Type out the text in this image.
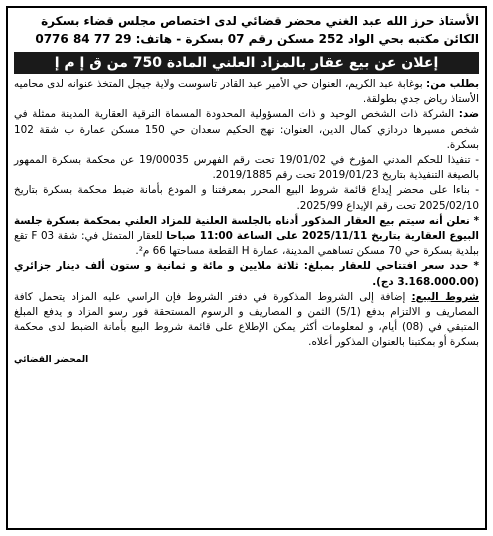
الأستاذ حرز الله عبد الغني محضر قضائي لدى اختصاص مجلس قضاء بسكرة
الكائن مكتبه بحي الواد 252 مسكن رقم 07 بسكرة - هاتف: 29 77 84 0776
إعلان عن بيع عقار بالمزاد العلني المادة 750 من ق إ م إ

بطلب من: بوغابة عبد الكريم، العنوان حي الأمير عبد القادر تاسوست ولاية جيجل المتخذ عنوانه لدى محاميه الأستاذ رياض جدي بطولقة.

ضد: الشركة ذات الشخص الوحيد و ذات المسؤولية المحدودة المسماة الترقية العقارية المدينة ممثلة في شخص مسيرها دردازي كمال الدين، العنوان: نهج الحكيم سعدان حي 150 مسكن عمارة ب شقة 102 بسكرة.

- تنفيذا للحكم المدني المؤرخ في 19/01/02 تحت رقم الفهرس 19/00035 عن محكمة بسكرة الممهور بالصيغة التنفيذية بتاريخ 2019/01/23 تحت رقم 2019/1885.

- بناءا على محضر إيداع قائمة شروط البيع المحرر بمعرفتنا و المودع بأمانة ضبط محكمة بسكرة بتاريخ 2025/02/10 تحت رقم الإيداع 2025/99.

* نعلن أنه سيتم بيع العقار المذكور أدناه بالجلسة العلنية للمزاد العلني بمحكمة بسكرة جلسة البيوع العقارية بتاريخ 2025/11/11 على الساعة 11:00 صباحا للعقار المتمثل في: شقة 03 F تقع ببلدية بسكرة حي 70 مسكن تساهمي المدينة، عمارة H القطعة مساحتها 66 م².

* حدد سعر افتتاحي للعقار بمبلغ: ثلاثة ملايين و مائة و ثمانية و ستون ألف دينار جزائري (3.168.000.00 دج).

شروط البيع: إضافة إلى الشروط المذكورة في دفتر الشروط فإن الراسي عليه المزاد يتحمل كافة المصاريف و الالتزام بدفع (5/1) الثمن و المصاريف و الرسوم المستحقة فور رسو المزاد و يدفع المبلغ المتبقي في (08) أيام، و لمعلومات أكثر يمكن الإطلاع على قائمة شروط البيع بأمانة الضبط لدى محكمة بسكرة أو بمكتبنا بالعنوان المذكور أعلاه.

المحضر القضائي
